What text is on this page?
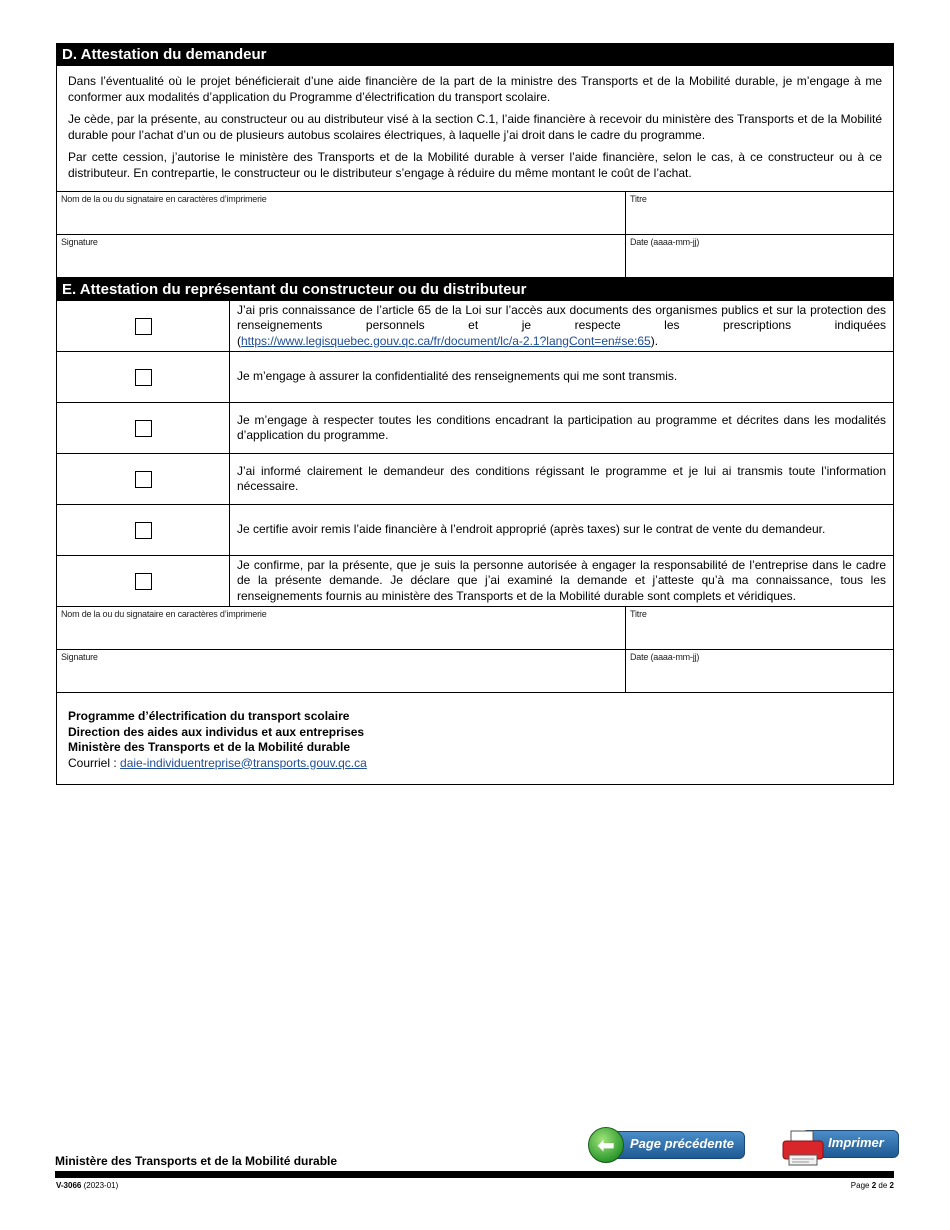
D. Attestation du demandeur

Dans l’éventualité où le projet bénéficierait d’une aide financière de la part de la ministre des Transports et de la Mobilité durable, je m’engage à me conformer aux modalités d’application du Programme d’électrification du transport scolaire.

Je cède, par la présente, au constructeur ou au distributeur visé à la section C.1, l’aide financière à recevoir du ministère des Transports et de la Mobilité durable pour l’achat d’un ou de plusieurs autobus scolaires électriques, à laquelle j’ai droit dans le cadre du programme.

Par cette cession, j’autorise le ministère des Transports et de la Mobilité durable à verser l’aide financière, selon le cas, à ce constructeur ou à ce distributeur. En contrepartie, le constructeur ou le distributeur s’engage à réduire du même montant le coût de l’achat.

Nom de la ou du signataire en caractères d’imprimerie	Titre
Signature	Date (aaaa-mm-jj)
E. Attestation du représentant du constructeur ou du distributeur
J’ai pris connaissance de l’article 65 de la Loi sur l’accès aux documents des organismes publics et sur la protection des renseignements personnels et je respecte les prescriptions indiquées (https://www.legisquebec.gouv.qc.ca/fr/document/lc/a-2.1?langCont=en#se:65).
Je m’engage à assurer la confidentialité des renseignements qui me sont transmis.
Je m’engage à respecter toutes les conditions encadrant la participation au programme et décrites dans les modalités d’application du programme.
J’ai informé clairement le demandeur des conditions régissant le programme et je lui ai transmis toute l’information nécessaire.
Je certifie avoir remis l’aide financière à l’endroit approprié (après taxes) sur le contrat de vente du demandeur.
Je confirme, par la présente, que je suis la personne autorisée à engager la responsabilité de l’entreprise dans le cadre de la présente demande. Je déclare que j’ai examiné la demande et j’atteste qu’à ma connaissance, tous les renseignements fournis au ministère des Transports et de la Mobilité durable sont complets et véridiques.
Nom de la ou du signataire en caractères d’imprimerie	Titre
Signature	Date (aaaa-mm-jj)
Programme d’électrification du transport scolaire
Direction des aides aux individus et aux entreprises
Ministère des Transports et de la Mobilité durable
Courriel : daie-individuentreprise@transports.gouv.qc.ca
Page précédente
⬅	Imprimer
Ministère des Transports et de la Mobilité durable
V-3066 (2023-01)	Page 2 de 2
